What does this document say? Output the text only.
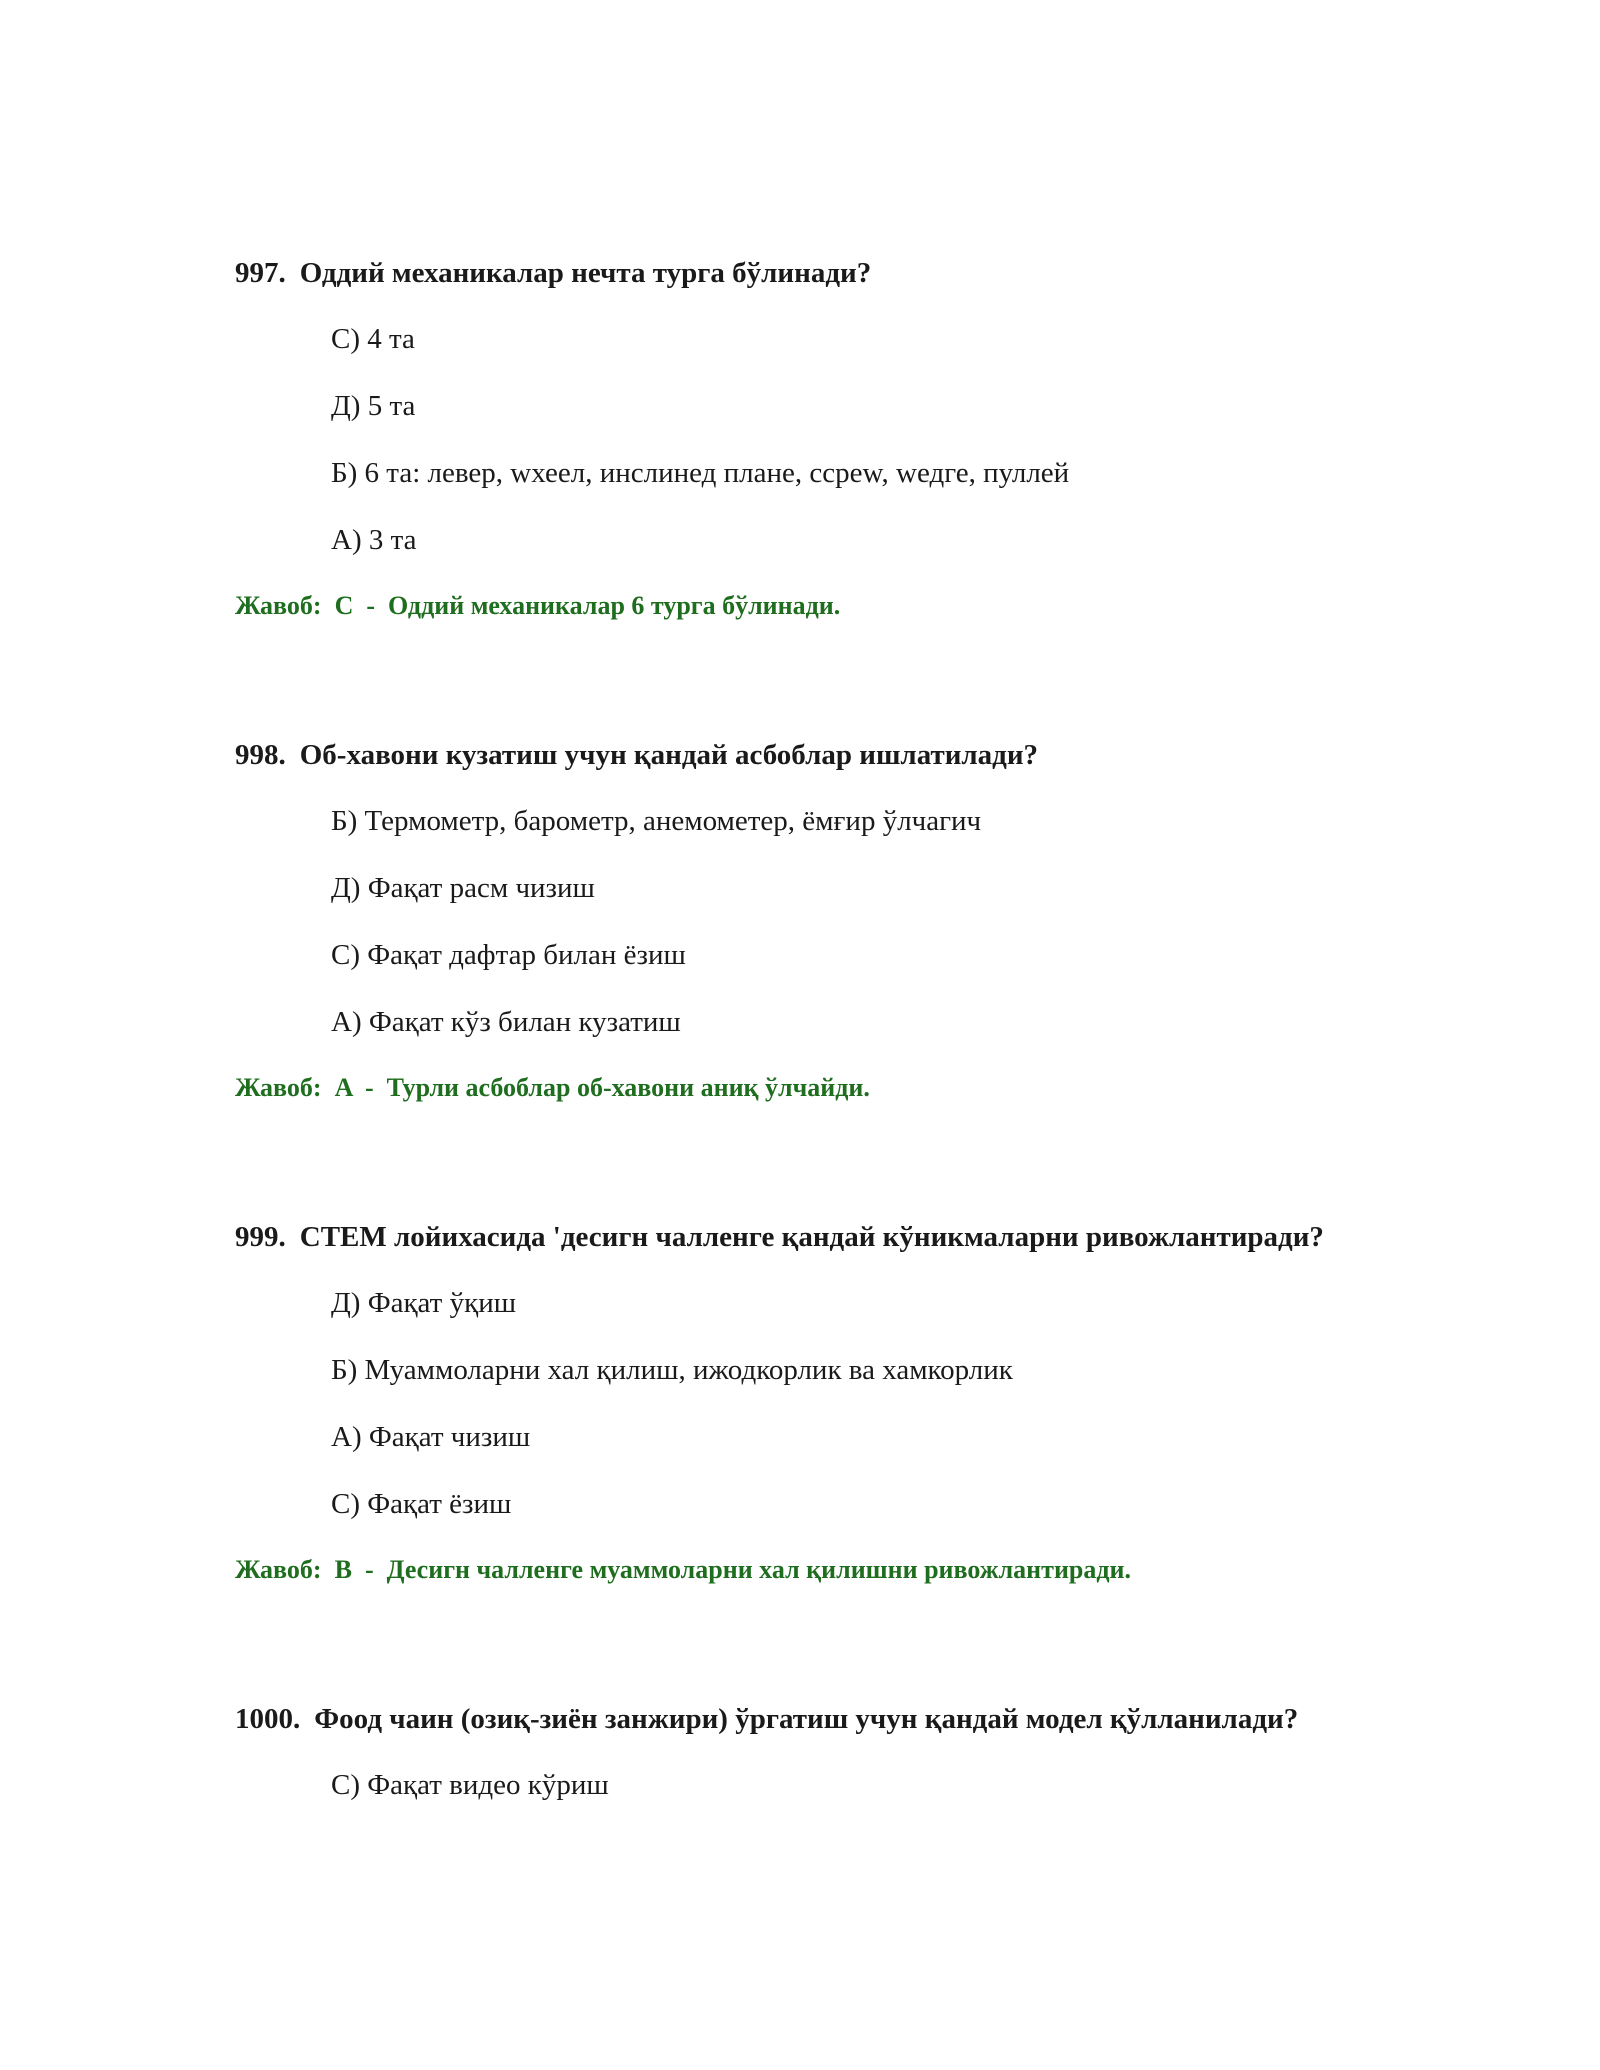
997. Оддий механикалар нечта турга бўлинади?

С) 4 та

Д) 5 та

Б) 6 та: левер, wхеел, инслинед плане, ссреw, wедге, пуллей

А) 3 та

Жавоб: C  -  Оддий механикалар 6 турга бўлинади.

998. Об-хавони кузатиш учун қандай асбоблар ишлатилади?

Б) Термометр, барометр, анемометер, ёмғир ўлчагич

Д) Фақат расм чизиш

С) Фақат дафтар билан ёзиш

А) Фақат кўз билан кузатиш

Жавоб: A  -  Турли асбоблар об-хавони аниқ ўлчайди.

999. СТЕМ лойихасида 'десигн чалленге қандай кўникмаларни ривожлантиради?

Д) Фақат ўқиш

Б) Муаммоларни хал қилиш, ижодкорлик ва хамкорлик

А) Фақат чизиш

С) Фақат ёзиш

Жавоб: B  -  Десигн чалленге муаммоларни хал қилишни ривожлантиради.

1000. Фоод чаин (озиқ-зиён занжири) ўргатиш учун қандай модел қўлланилади?

С) Фақат видео кўриш
